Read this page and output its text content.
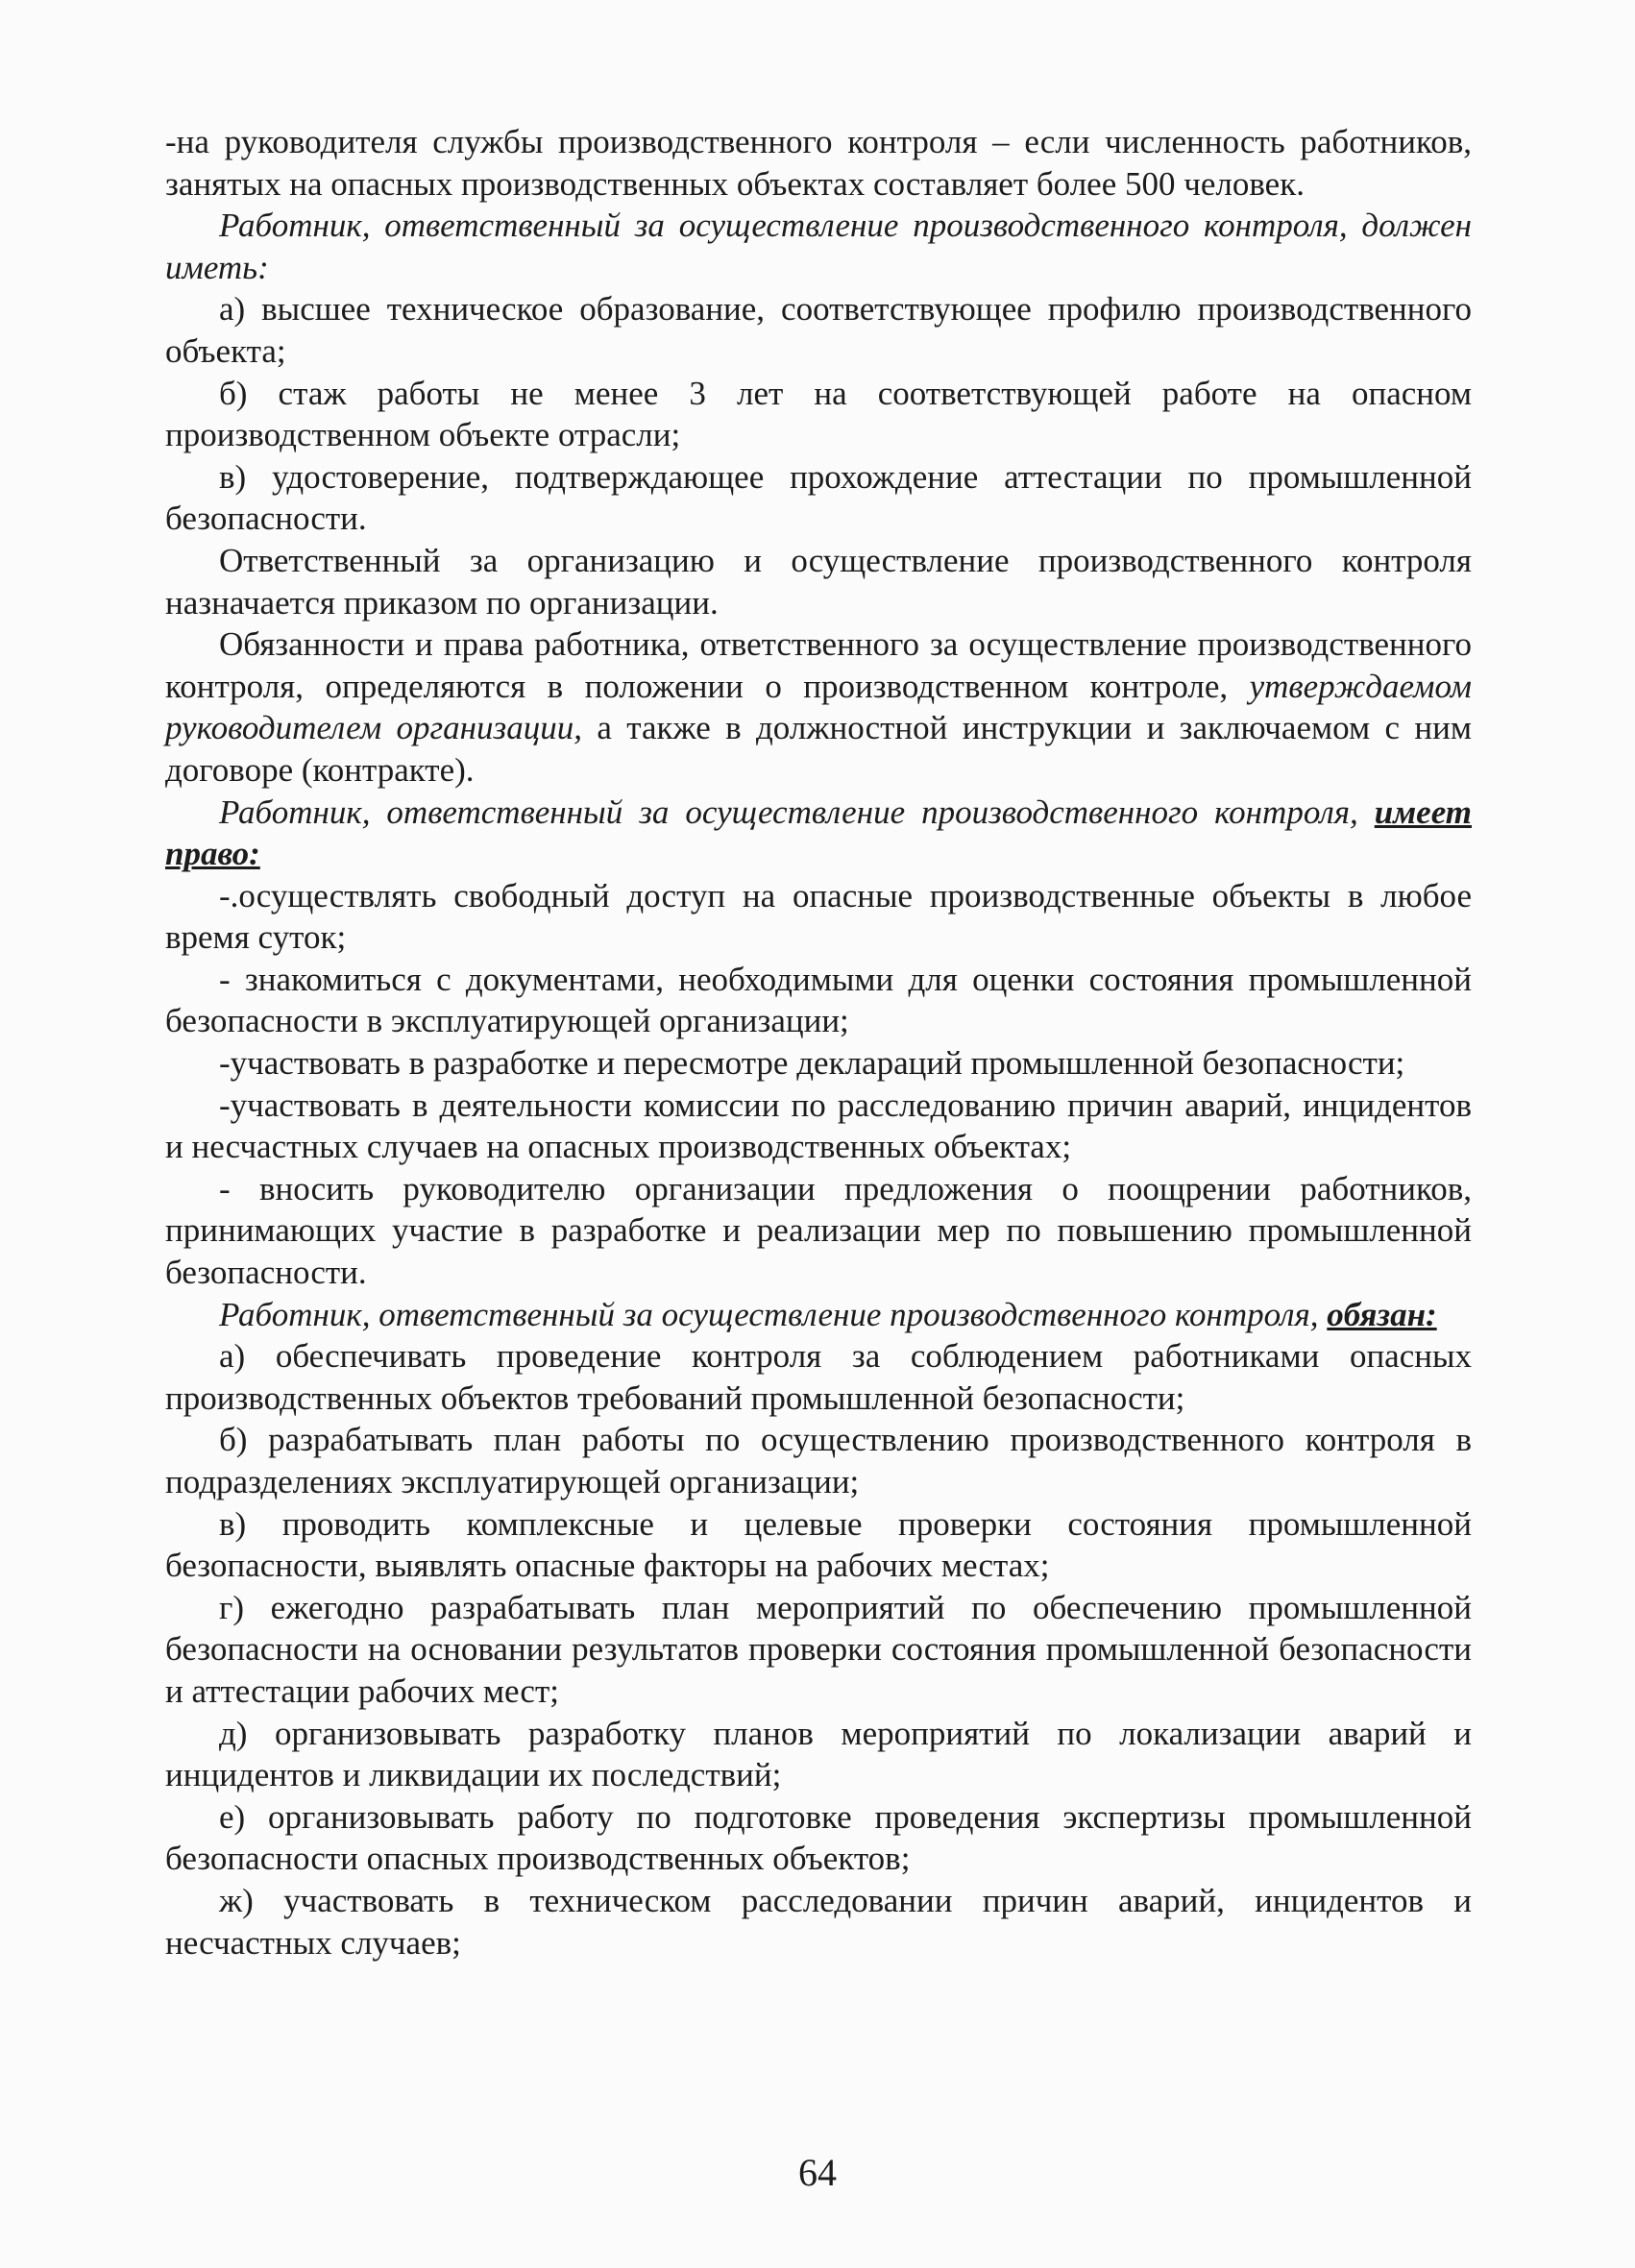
-на руководителя службы производственного контроля – если численность работников, занятых на опасных производственных объектах составляет более 500 человек.

Работник, ответственный за осуществление производственного контроля, должен иметь:

а) высшее техническое образование, соответствующее профилю производственного объекта;

б) стаж работы не менее 3 лет на соответствующей работе на опасном производственном объекте отрасли;

в) удостоверение, подтверждающее прохождение аттестации по промышленной безопасности.

Ответственный за организацию и осуществление производственного контроля назначается приказом по организации.

Обязанности и права работника, ответственного за осуществление производственного контроля, определяются в положении о производственном контроле, утверждаемом руководителем организации, а также в должностной инструкции и заключаемом с ним договоре (контракте).

Работник, ответственный за осуществление производственного контроля, имеет право:

-.осуществлять свободный доступ на опасные производственные объекты в любое время суток;

- знакомиться с документами, необходимыми для оценки состояния промышленной безопасности в эксплуатирующей организации;

-участвовать в разработке и пересмотре деклараций промышленной безопасности;

-участвовать в деятельности комиссии по расследованию причин аварий, инцидентов и несчастных случаев на опасных производственных объектах;

- вносить руководителю организации предложения о поощрении работников, принимающих участие в разработке и реализации мер по повышению промышленной безопасности.

Работник, ответственный за осуществление производственного контроля, обязан:

а) обеспечивать проведение контроля за соблюдением работниками опасных производственных объектов требований промышленной безопасности;

б) разрабатывать план работы по осуществлению производственного контроля в подразделениях эксплуатирующей организации;

в) проводить комплексные и целевые проверки состояния промышленной безопасности, выявлять опасные факторы на рабочих местах;

г) ежегодно разрабатывать план мероприятий по обеспечению промышленной безопасности на основании результатов проверки состояния промышленной безопасности и аттестации рабочих мест;

д) организовывать разработку планов мероприятий по локализации аварий и инцидентов и ликвидации их последствий;

е) организовывать работу по подготовке проведения экспертизы промышленной безопасности опасных производственных объектов;

ж) участвовать в техническом расследовании причин аварий, инцидентов и несчастных случаев;

64
